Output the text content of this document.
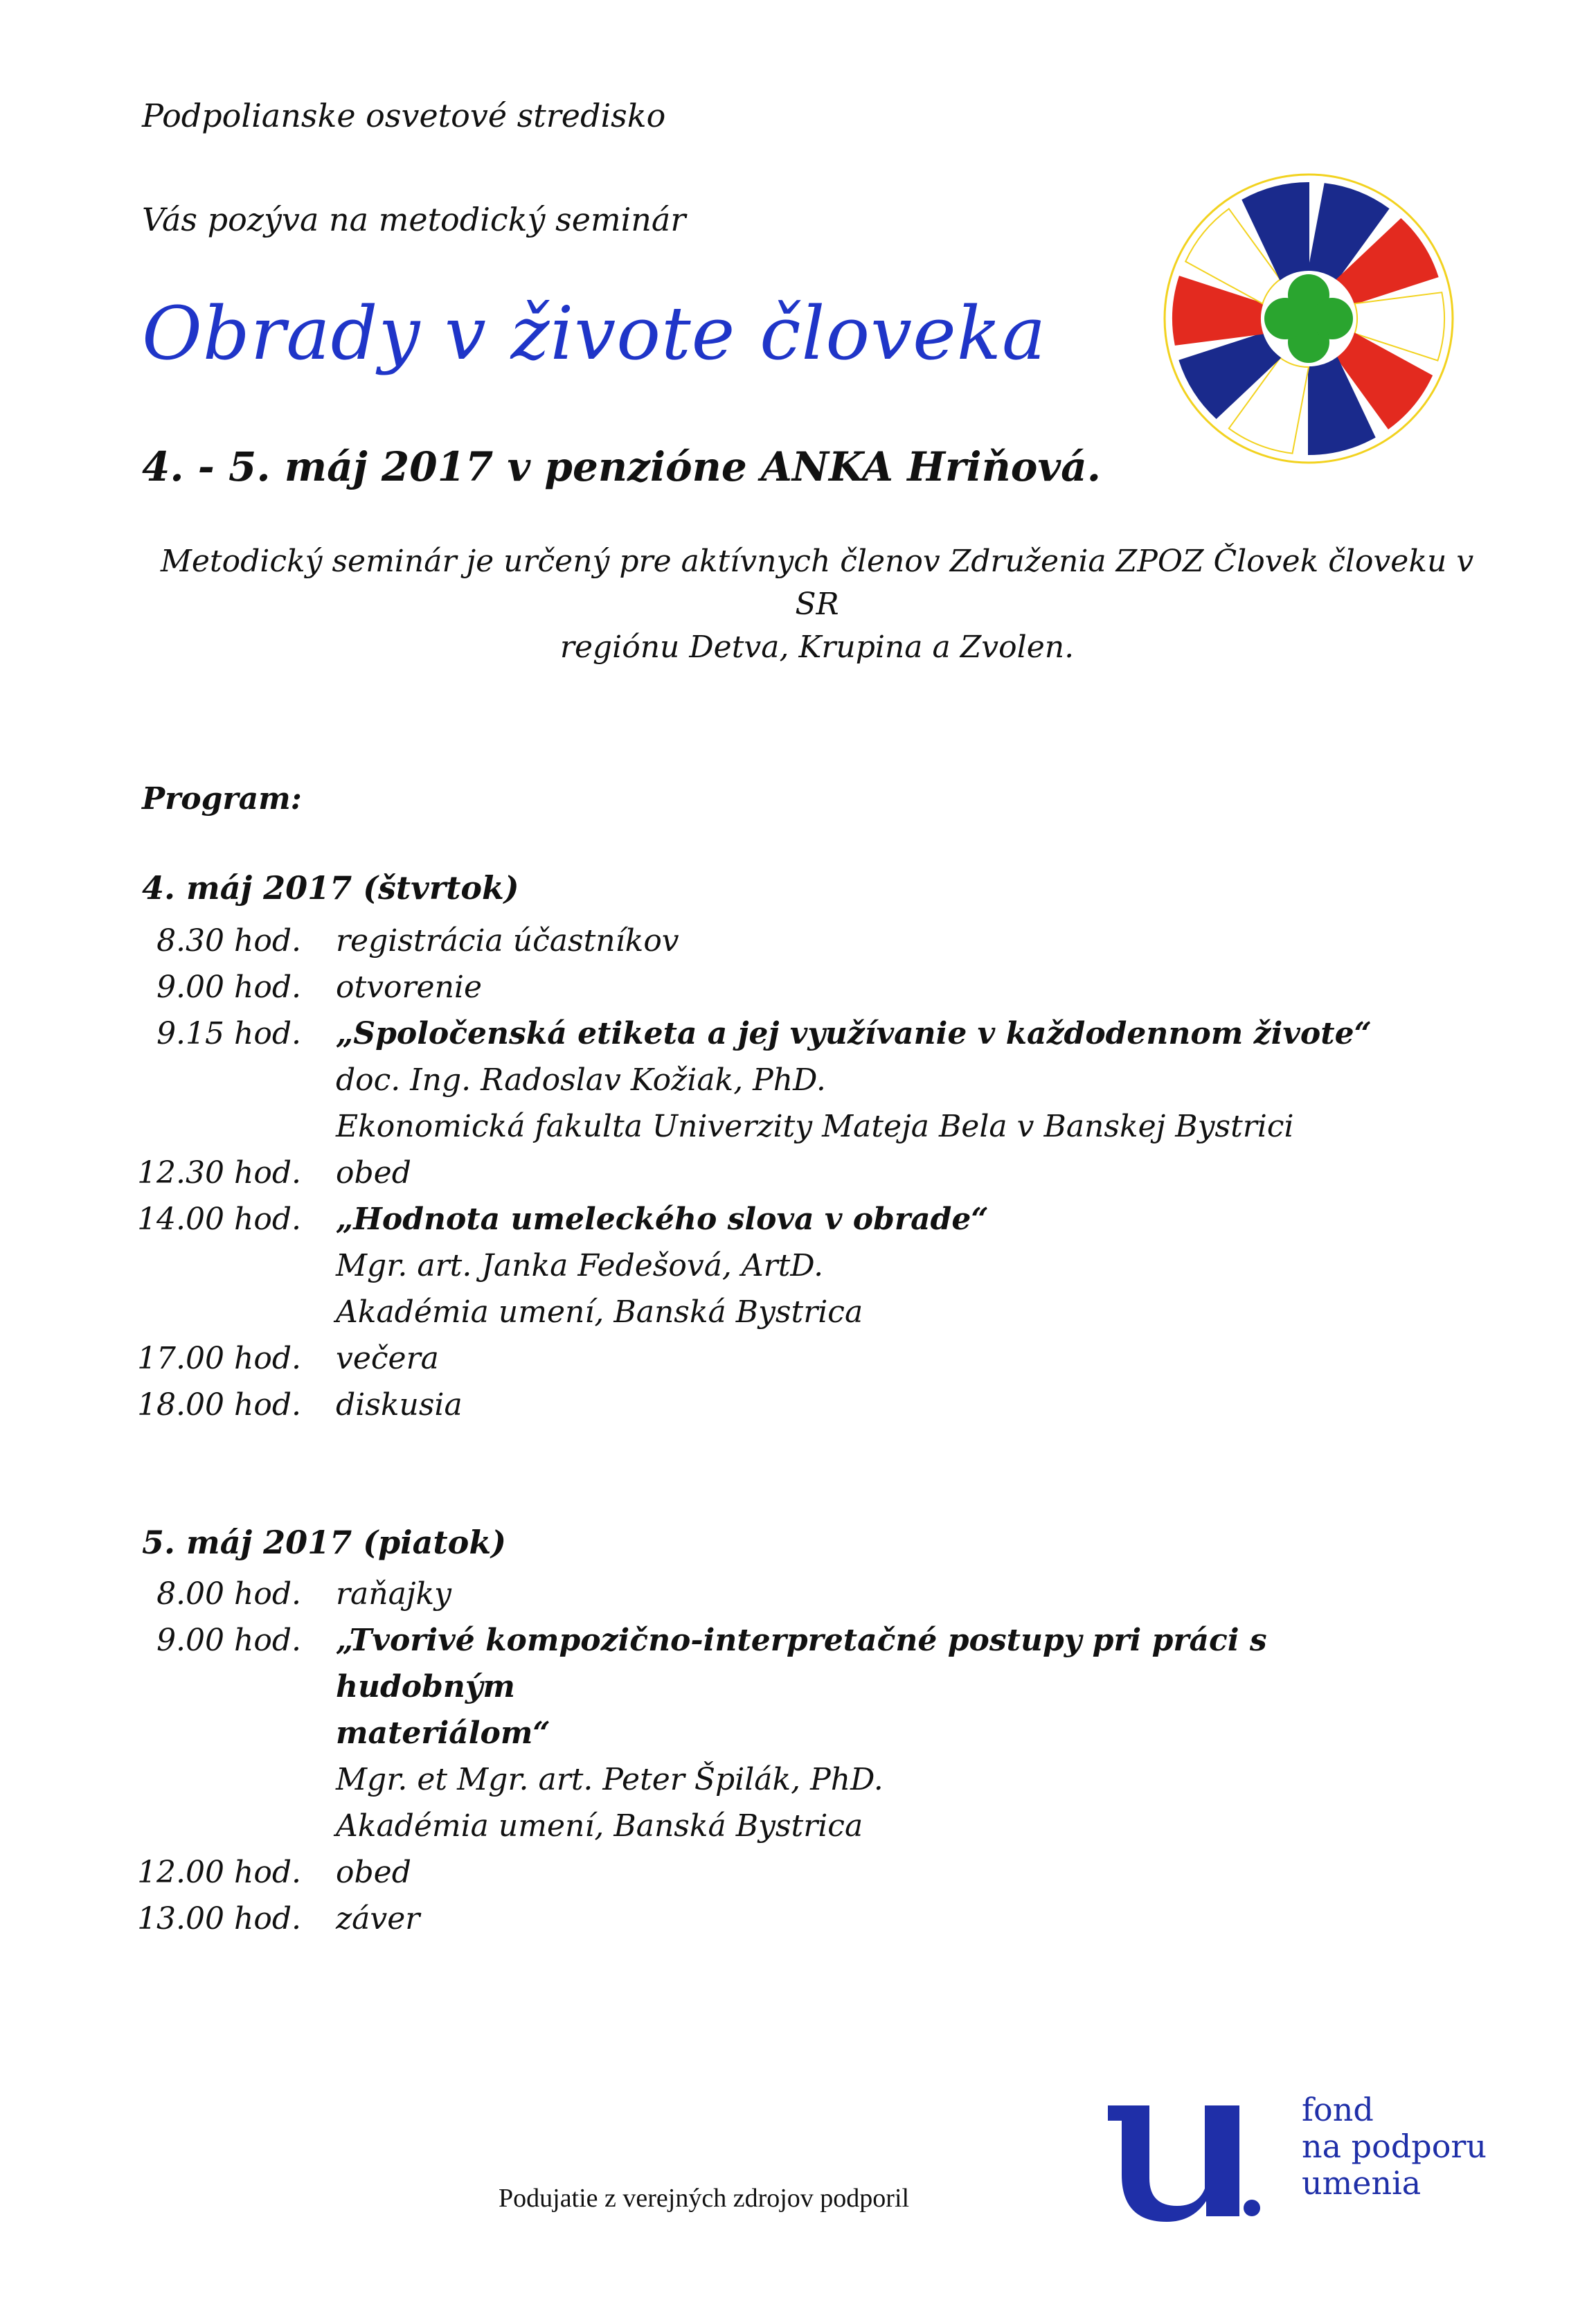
Podpolianske osvetové stredisko
Vás pozýva na metodický seminár
Obrady v živote človeka
4. - 5. máj 2017 v penzióne ANKA Hriňová.
Metodický seminár je určený pre aktívnych členov Združenia ZPOZ Človek človeku v SR
regiónu Detva, Krupina a Zvolen.
Program:
4. máj 2017 (štvrtok)
8.30 hod.	registrácia účastníkov
9.00 hod.	otvorenie
9.15 hod.	„Spoločenská etiketa a jej využívanie v každodennom živote“
doc. Ing. Radoslav Kožiak, PhD.
Ekonomická fakulta Univerzity Mateja Bela v Banskej Bystrici
12.30 hod.	obed
14.00 hod.	„Hodnota umeleckého slova v obrade“
Mgr. art. Janka Fedešová, ArtD.
Akadémia umení, Banská Bystrica
17.00 hod.	večera
18.00 hod.	diskusia
5. máj 2017 (piatok)
8.00 hod.	raňajky
9.00 hod.	„Tvorivé kompozično-interpretačné postupy pri práci s hudobným
materiálom“
Mgr. et Mgr. art. Peter Špilák, PhD.
Akadémia umení, Banská Bystrica
12.00 hod.	obed
13.00 hod.	záver
Podujatie z verejných zdrojov podporil
fond
na podporu
umenia
